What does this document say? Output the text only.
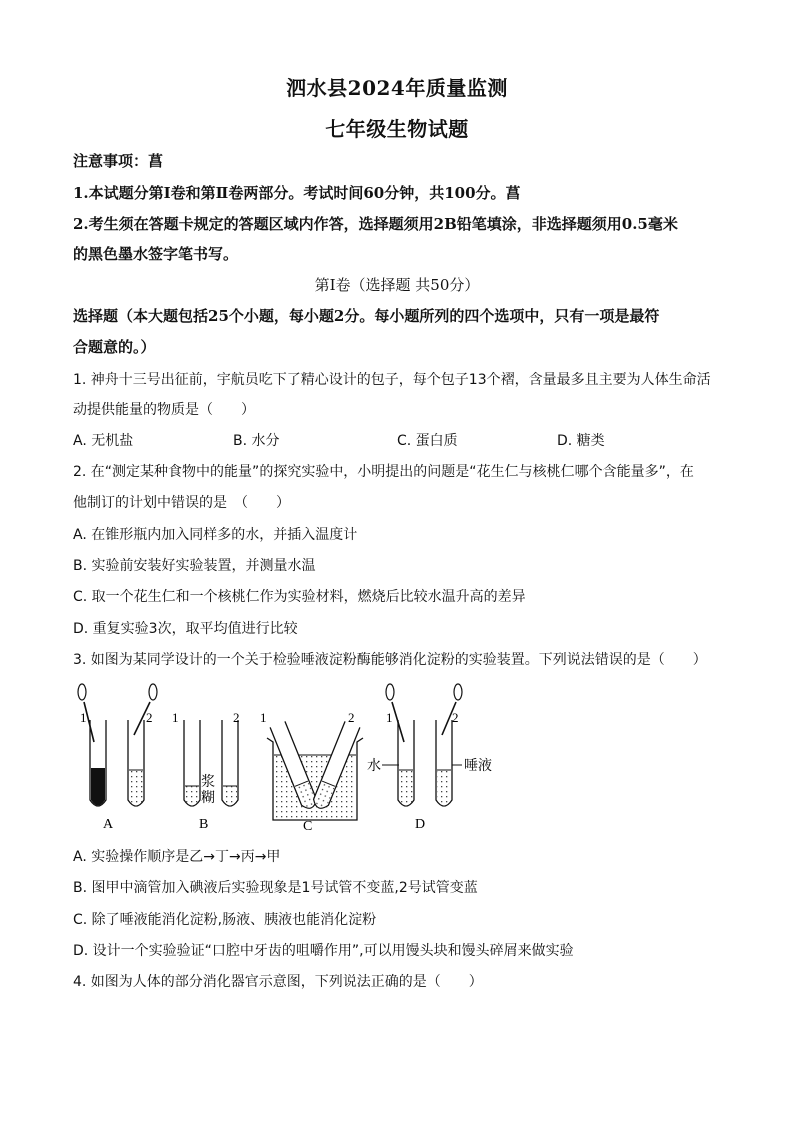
泗水县2024年质量监测
七年级生物试题
注意事项：菖
1.本试题分第Ⅰ卷和第Ⅱ卷两部分。考试时间60分钟，共100分。菖
2.考生须在答题卡规定的答题区域内作答，选择题须用2B铅笔填涂，非选择题须用0.5毫米
的黑色墨水签字笔书写。
第Ⅰ卷（选择题 共50分）
选择题（本大题包括25个小题，每小题2分。每小题所列的四个选项中，只有一项是最符
合题意的。）
1. 神舟十三号出征前，宇航员吃下了精心设计的包子，每个包子13个褶，含量最多且主要为人体生命活
动提供能量的物质是（　　）
A. 无机盐	B. 水分	C. 蛋白质	D. 糖类
2. 在“测定某种食物中的能量”的探究实验中，小明提出的问题是“花生仁与核桃仁哪个含能量多”，在
他制订的计划中错误的是　（　　）
A. 在锥形瓶内加入同样多的水，并插入温度计
B. 实验前安装好实验装置，并测量水温
C. 取一个花生仁和一个核桃仁作为实验材料，燃烧后比较水温升高的差异
D. 重复实验3次，取平均值进行比较
3. 如图为某同学设计的一个关于检验唾液淀粉酶能够消化淀粉的实验装置。下列说法错误的是（　　）
1	2
A
1	2
浆
糊
B
1	2
C
1	2
水	唾液
D
A. 实验操作顺序是乙→丁→丙→甲
B. 图甲中滴管加入碘液后实验现象是1号试管不变蓝,2号试管变蓝
C. 除了唾液能消化淀粉,肠液、胰液也能消化淀粉
D. 设计一个实验验证“口腔中牙齿的咀嚼作用”,可以用馒头块和馒头碎屑来做实验
4. 如图为人体的部分消化器官示意图，下列说法正确的是（　　）
